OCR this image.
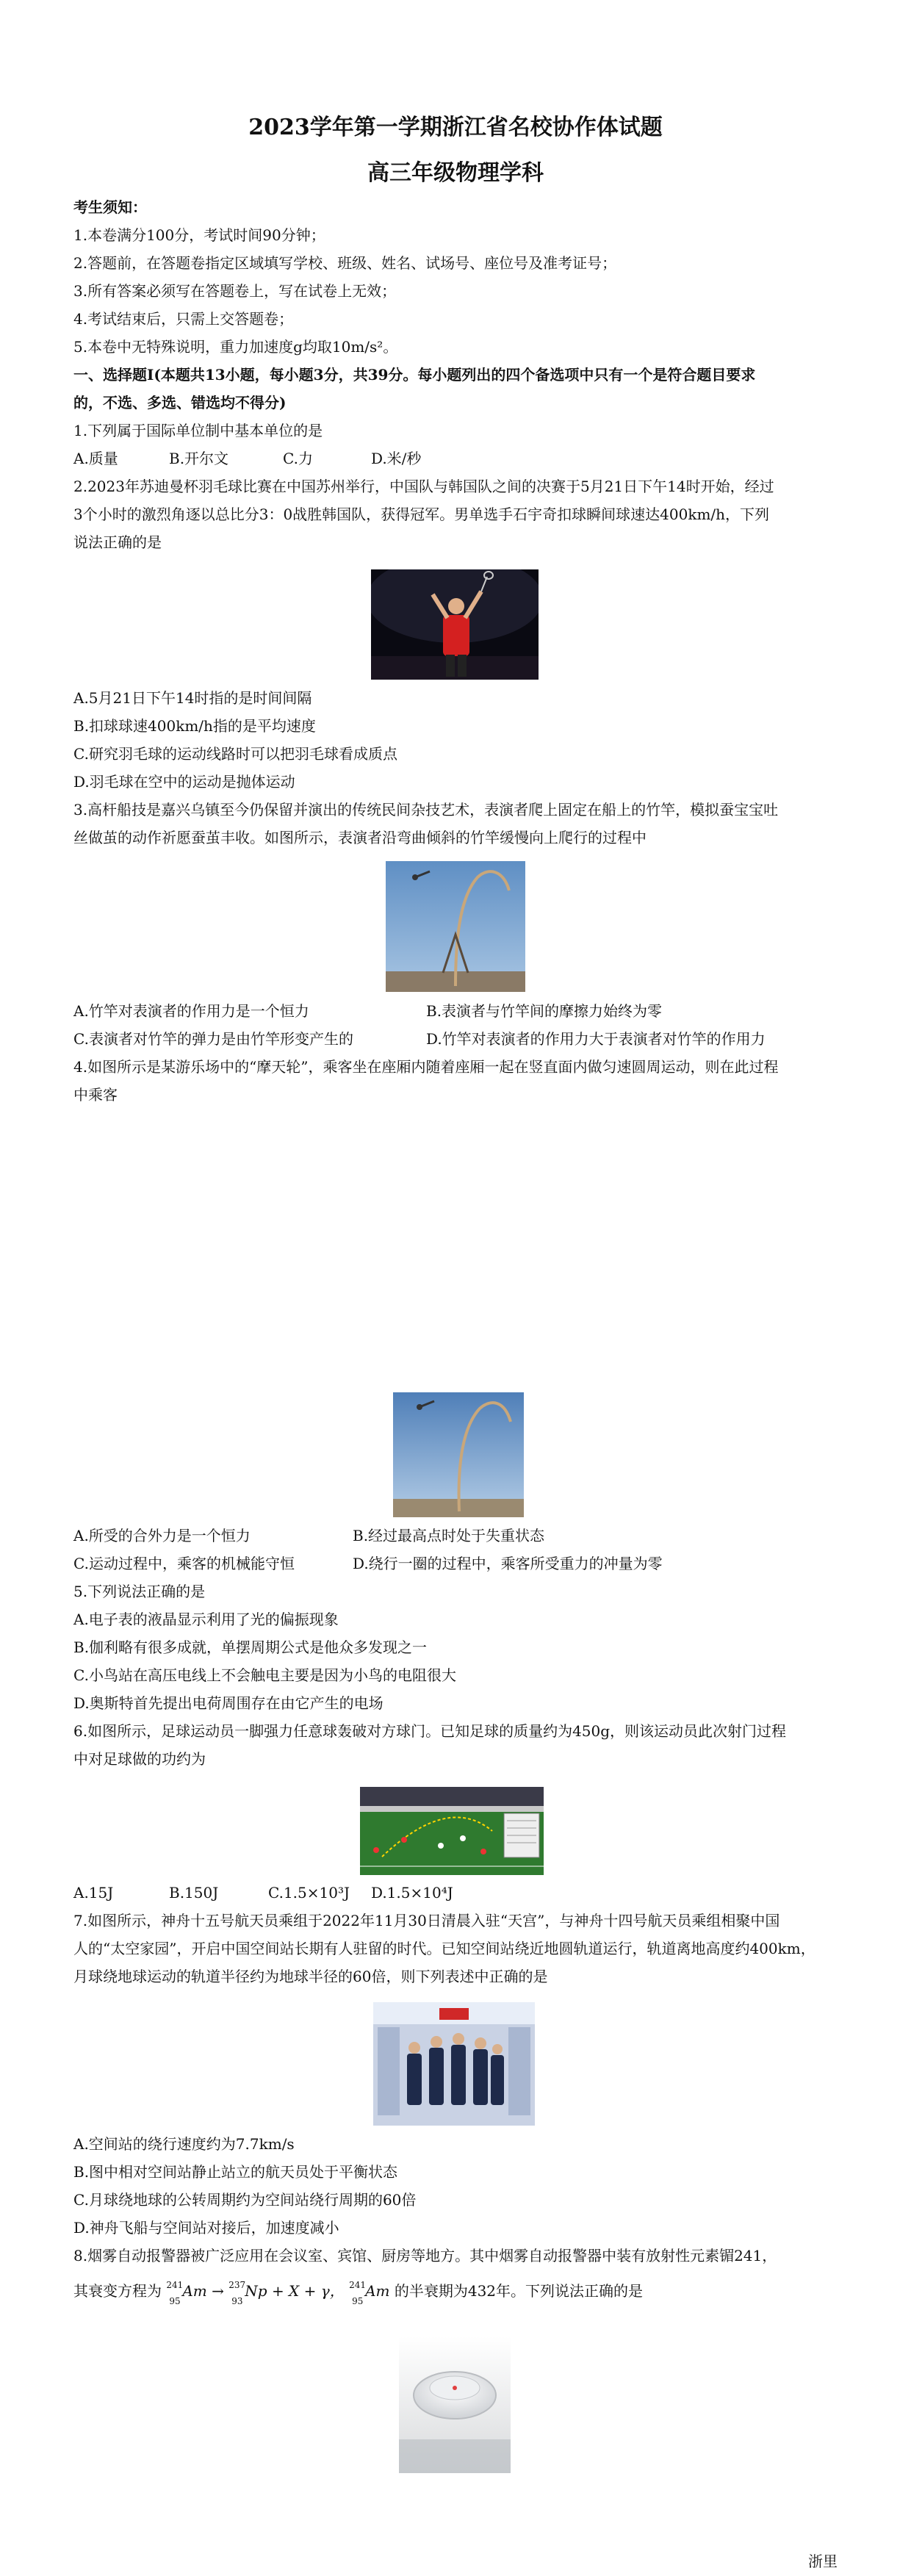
2023学年第一学期浙江省名校协作体试题
高三年级物理学科
考生须知：
1.本卷满分100分，考试时间90分钟；
2.答题前，在答题卷指定区域填写学校、班级、姓名、试场号、座位号及准考证号；
3.所有答案必须写在答题卷上，写在试卷上无效；
4.考试结束后，只需上交答题卷；
5.本卷中无特殊说明，重力加速度g均取10m/s²。
一、选择题Ⅰ(本题共13小题，每小题3分，共39分。每小题列出的四个备选项中只有一个是符合题目要求
的，不选、多选、错选均不得分)
1.下列属于国际单位制中基本单位的是
A.质量	B.开尔文	C.力	D.米/秒
2.2023年苏迪曼杯羽毛球比赛在中国苏州举行，中国队与韩国队之间的决赛于5月21日下午14时开始，经过
3个小时的激烈角逐以总比分3：0战胜韩国队，获得冠军。男单选手石宇奇扣球瞬间球速达400km/h，下列
说法正确的是
A.5月21日下午14时指的是时间间隔
B.扣球球速400km/h指的是平均速度
C.研究羽毛球的运动线路时可以把羽毛球看成质点
D.羽毛球在空中的运动是抛体运动
3.高杆船技是嘉兴乌镇至今仍保留并演出的传统民间杂技艺术，表演者爬上固定在船上的竹竿，模拟蚕宝宝吐
丝做茧的动作祈愿蚕茧丰收。如图所示，表演者沿弯曲倾斜的竹竿缓慢向上爬行的过程中
A.竹竿对表演者的作用力是一个恒力	B.表演者与竹竿间的摩擦力始终为零
C.表演者对竹竿的弹力是由竹竿形变产生的	D.竹竿对表演者的作用力大于表演者对竹竿的作用力
4.如图所示是某游乐场中的“摩天轮”，乘客坐在座厢内随着座厢一起在竖直面内做匀速圆周运动，则在此过程
中乘客
A.所受的合外力是一个恒力	B.经过最高点时处于失重状态
C.运动过程中，乘客的机械能守恒	D.绕行一圈的过程中，乘客所受重力的冲量为零
5.下列说法正确的是
A.电子表的液晶显示利用了光的偏振现象
B.伽利略有很多成就，单摆周期公式是他众多发现之一
C.小鸟站在高压电线上不会触电主要是因为小鸟的电阻很大
D.奥斯特首先提出电荷周围存在由它产生的电场
6.如图所示，足球运动员一脚强力任意球轰破对方球门。已知足球的质量约为450g，则该运动员此次射门过程
中对足球做的功约为
A.15J	B.150J	C.1.5×10³J D.1.5×10⁴J
7.如图所示，神舟十五号航天员乘组于2022年11月30日清晨入驻“天宫”，与神舟十四号航天员乘组相聚中国
人的“太空家园”，开启中国空间站长期有人驻留的时代。已知空间站绕近地圆轨道运行，轨道离地高度约400km，
月球绕地球运动的轨道半径约为地球半径的60倍，则下列表述中正确的是
A.空间站的绕行速度约为7.7km/s
B.图中相对空间站静止站立的航天员处于平衡状态
C.月球绕地球的公转周期约为空间站绕行周期的60倍
D.神舟飞船与空间站对接后，加速度减小
8.烟雾自动报警器被广泛应用在会议室、宾馆、厨房等地方。其中烟雾自动报警器中装有放射性元素镅241，
其衰变方程为 241
95
Am → 237
93
Np + X + γ， 241
95
Am 的半衰期为432年。下列说法正确的是
浙里
